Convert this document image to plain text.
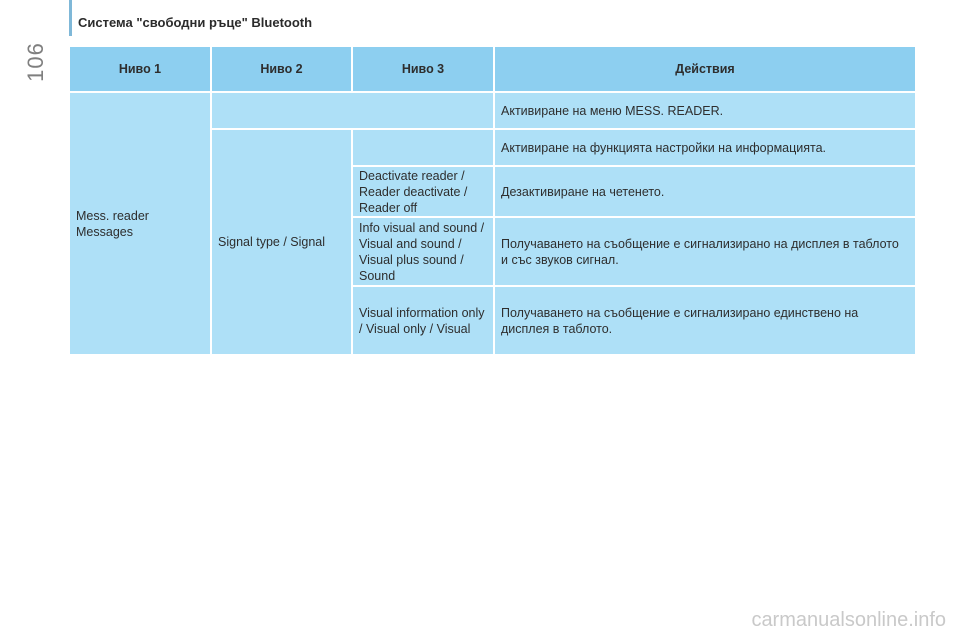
106
Система "свободни ръце" Bluetooth
Ниво 1	Ниво 2	Ниво 3	Действия

Mess. reader Messages			Активиране на меню MESS. READER.

	Signal type / Signal		Активиране на функцията настройки на информацията.

		Deactivate reader / Reader deactivate / Reader off	Дезактивиране на четенето.

		Info visual and sound / Visual and sound / Visual plus sound / Sound	Получаването на съобщение е сигнализирано на дисплея в таблото и със звуков сигнал.

		Visual information only / Visual only / Visual	Получаването на съобщение е сигнализирано единствено на дисплея в таблото.
carmanualsonline.info
